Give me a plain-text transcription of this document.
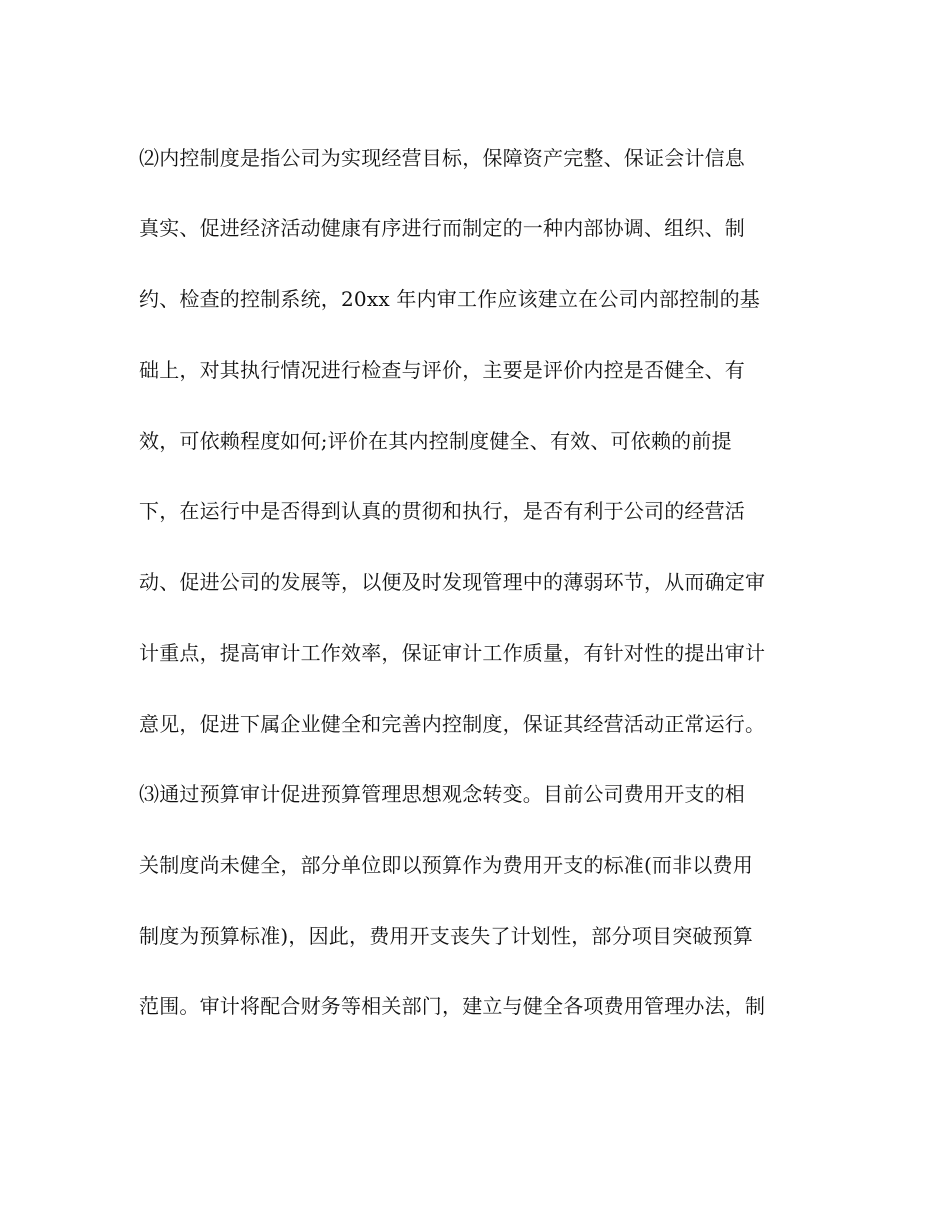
⑵内控制度是指公司为实现经营目标，保障资产完整、保证会计信息
真实、促进经济活动健康有序进行而制定的一种内部协调、组织、制
约、检查的控制系统，20xx 年内审工作应该建立在公司内部控制的基
础上，对其执行情况进行检查与评价，主要是评价内控是否健全、有
效，可依赖程度如何;评价在其内控制度健全、有效、可依赖的前提
下，在运行中是否得到认真的贯彻和执行，是否有利于公司的经营活
动、促进公司的发展等，以便及时发现管理中的薄弱环节，从而确定审
计重点，提高审计工作效率，保证审计工作质量，有针对性的提出审计
意见，促进下属企业健全和完善内控制度，保证其经营活动正常运行。
⑶通过预算审计促进预算管理思想观念转变。目前公司费用开支的相
关制度尚未健全，部分单位即以预算作为费用开支的标准(而非以费用
制度为预算标准)，因此，费用开支丧失了计划性，部分项目突破预算
范围。审计将配合财务等相关部门，建立与健全各项费用管理办法，制
